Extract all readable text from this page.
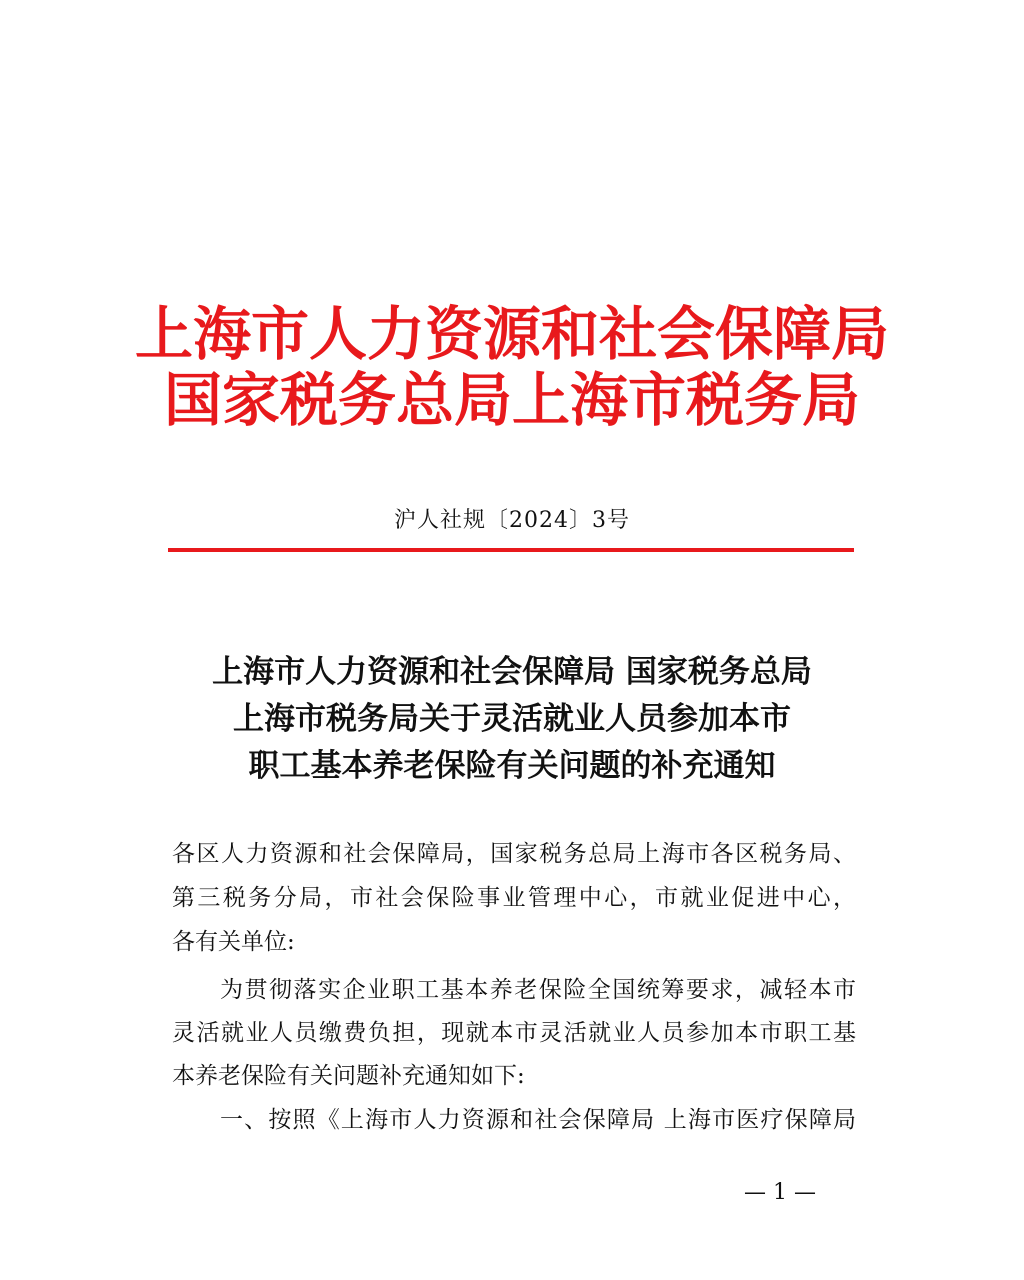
上海市人力资源和社会保障局
国家税务总局上海市税务局
沪人社规〔2024〕3号
上海市人力资源和社会保障局 国家税务总局
上海市税务局关于灵活就业人员参加本市
职工基本养老保险有关问题的补充通知
各区人力资源和社会保障局，国家税务总局上海市各区税务局、
第三税务分局，市社会保险事业管理中心，市就业促进中心，
各有关单位:
为贯彻落实企业职工基本养老保险全国统筹要求，减轻本市
灵活就业人员缴费负担，现就本市灵活就业人员参加本市职工基
本养老保险有关问题补充通知如下:
一、按照《上海市人力资源和社会保障局 上海市医疗保障局
— 1 —
